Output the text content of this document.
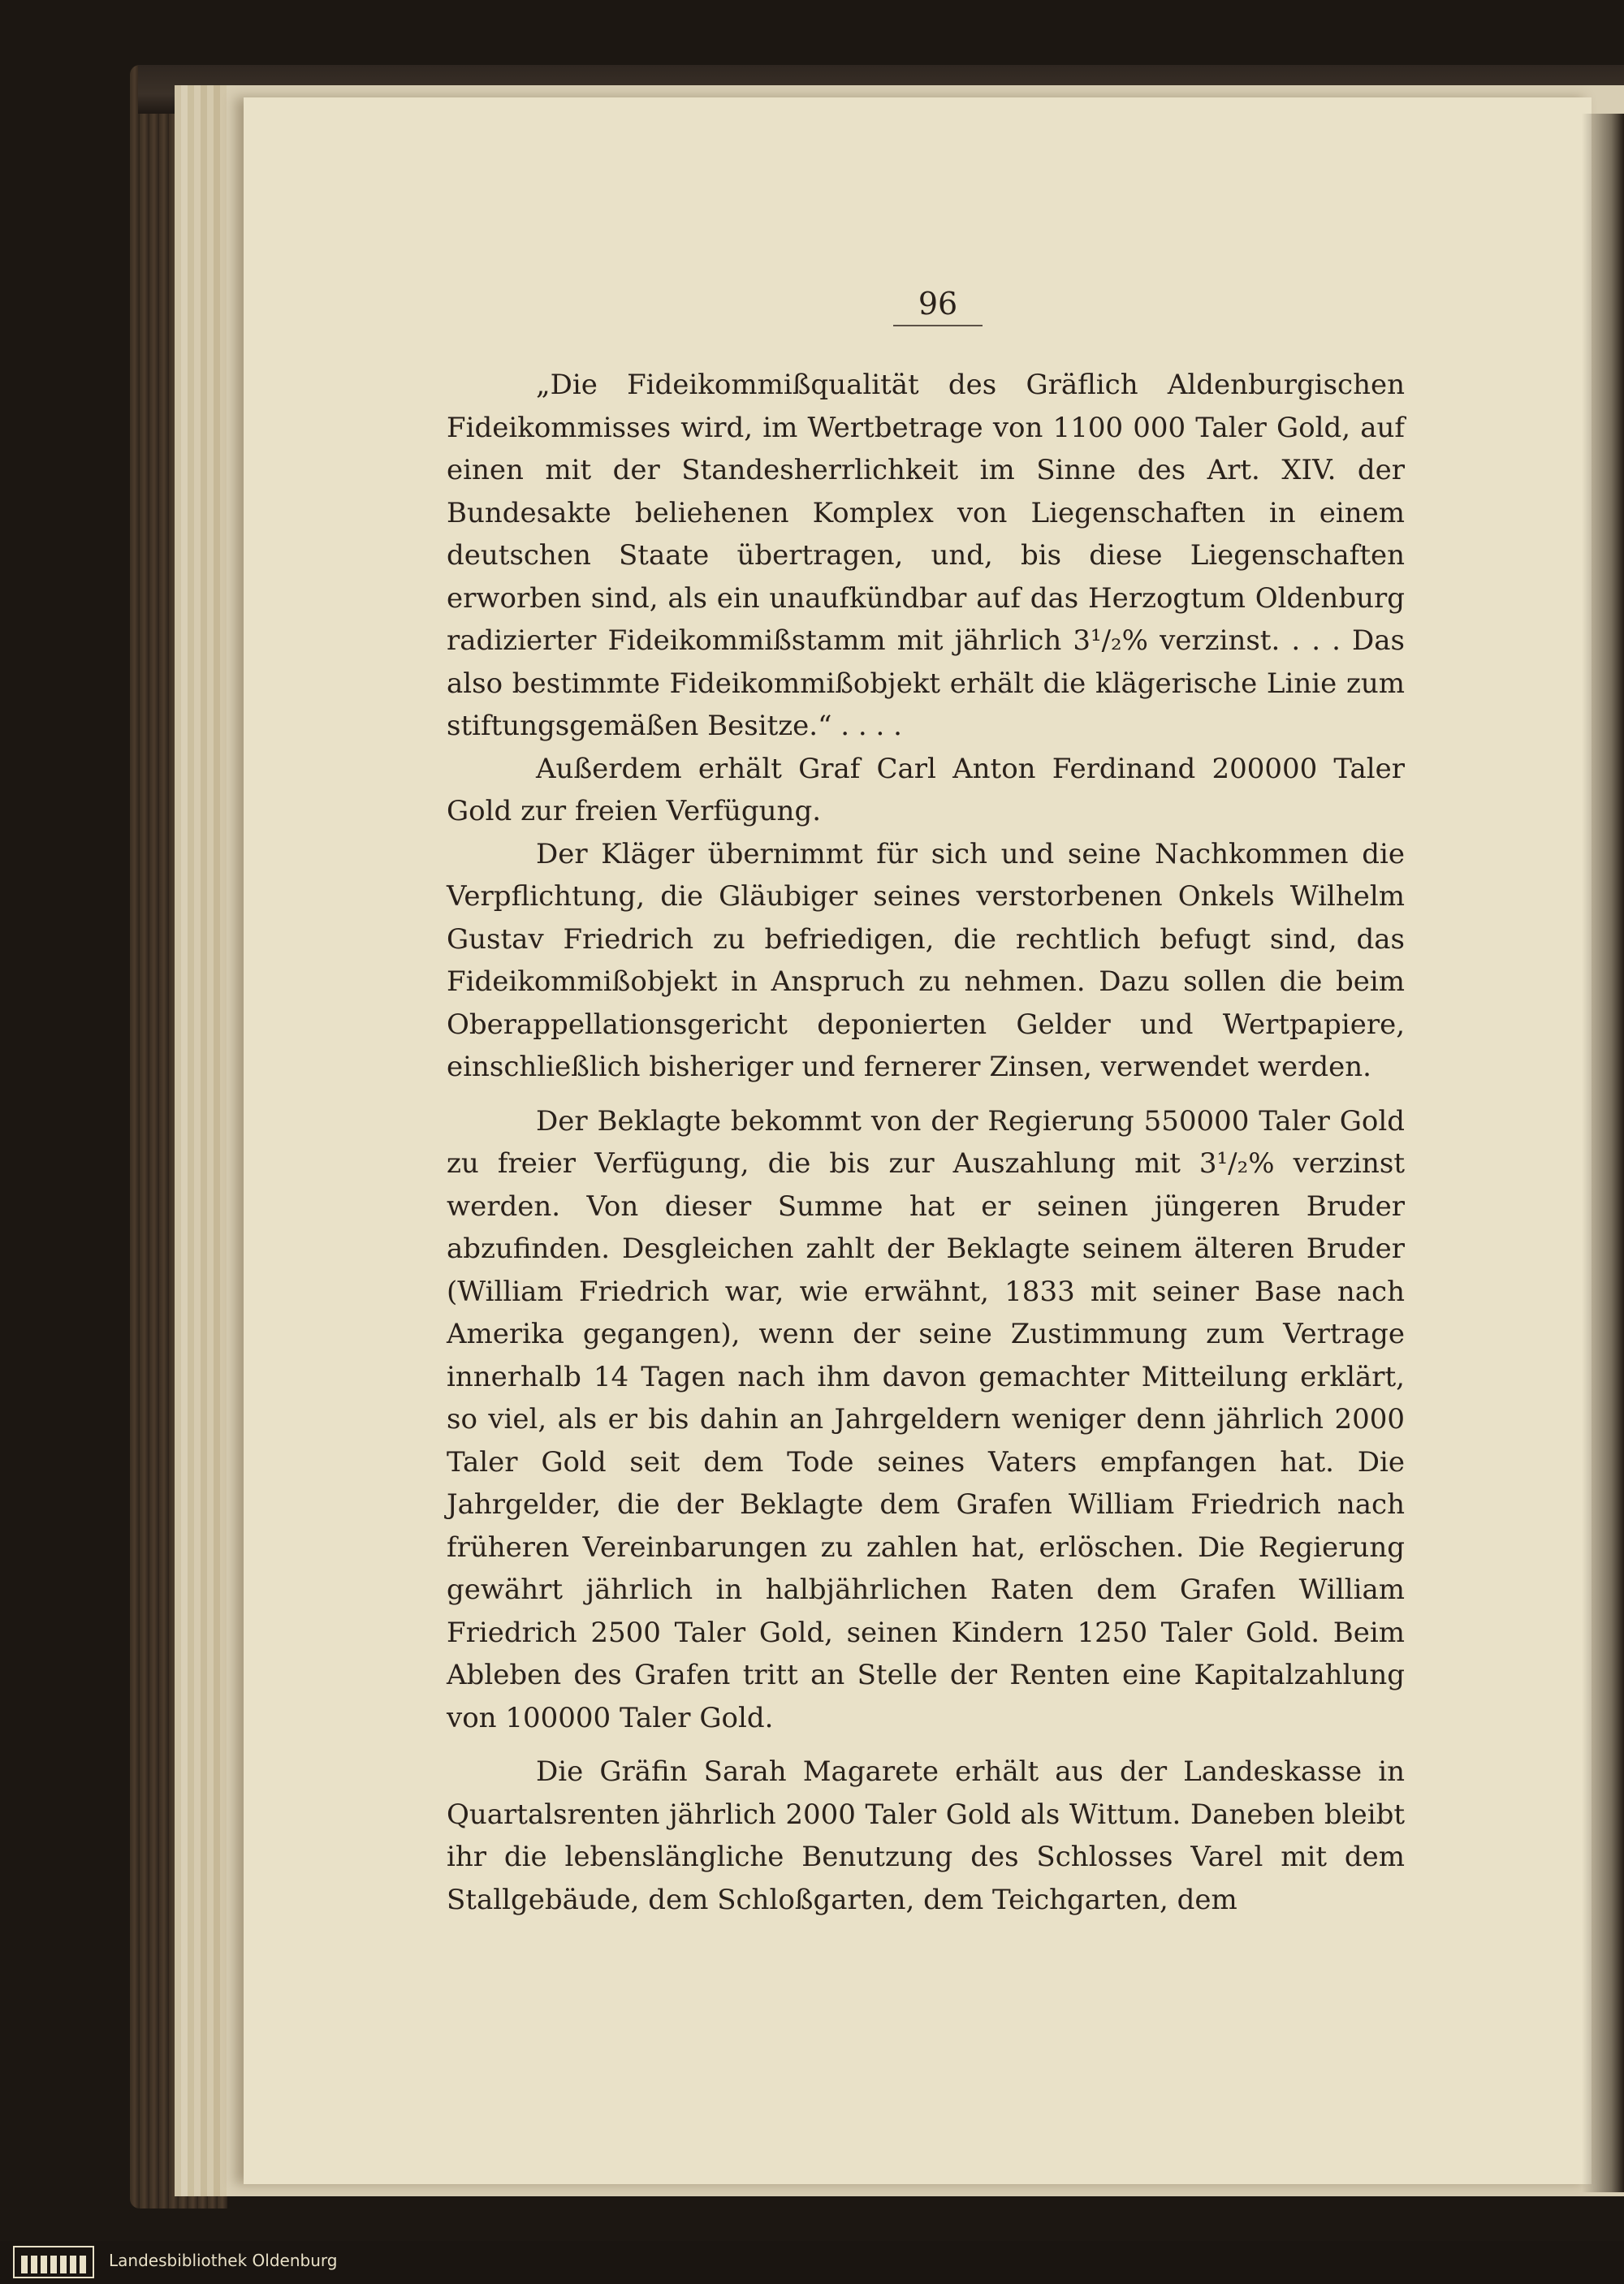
96

„Die Fideikommißqualität des Gräflich Aldenburgischen Fideikommisses wird, im Wertbetrage von 1100 000 Taler Gold, auf einen mit der Standesherrlichkeit im Sinne des Art. XIV. der Bundesakte beliehenen Komplex von Liegenschaften in einem deutschen Staate übertragen, und, bis diese Liegenschaften erworben sind, als ein unaufkündbar auf das Herzogtum Oldenburg radizierter Fideikommißstamm mit jährlich 3¹/₂% verzinst. . . . Das also bestimmte Fideikommißobjekt erhält die klägerische Linie zum stiftungsgemäßen Besitze.“ . . . .

Außerdem erhält Graf Carl Anton Ferdinand 200000 Taler Gold zur freien Verfügung.

Der Kläger übernimmt für sich und seine Nachkommen die Verpflichtung, die Gläubiger seines verstorbenen Onkels Wilhelm Gustav Friedrich zu befriedigen, die rechtlich befugt sind, das Fideikommißobjekt in Anspruch zu nehmen. Dazu sollen die beim Oberappellationsgericht deponierten Gelder und Wertpapiere, einschließlich bisheriger und fernerer Zinsen, verwendet werden.

Der Beklagte bekommt von der Regierung 550000 Taler Gold zu freier Verfügung, die bis zur Auszahlung mit 3¹/₂% verzinst werden. Von dieser Summe hat er seinen jüngeren Bruder abzufinden. Desgleichen zahlt der Beklagte seinem älteren Bruder (William Friedrich war, wie erwähnt, 1833 mit seiner Base nach Amerika gegangen), wenn der seine Zustimmung zum Vertrage innerhalb 14 Tagen nach ihm davon gemachter Mitteilung erklärt, so viel, als er bis dahin an Jahrgeldern weniger denn jährlich 2000 Taler Gold seit dem Tode seines Vaters empfangen hat. Die Jahrgelder, die der Beklagte dem Grafen William Friedrich nach früheren Vereinbarungen zu zahlen hat, erlöschen. Die Regierung gewährt jährlich in halbjährlichen Raten dem Grafen William Friedrich 2500 Taler Gold, seinen Kindern 1250 Taler Gold. Beim Ableben des Grafen tritt an Stelle der Renten eine Kapitalzahlung von 100000 Taler Gold.

Die Gräfin Sarah Magarete erhält aus der Landeskasse in Quartalsrenten jährlich 2000 Taler Gold als Wittum. Daneben bleibt ihr die lebenslängliche Benutzung des Schlosses Varel mit dem Stallgebäude, dem Schloßgarten, dem Teichgarten, dem

Landesbibliothek Oldenburg
